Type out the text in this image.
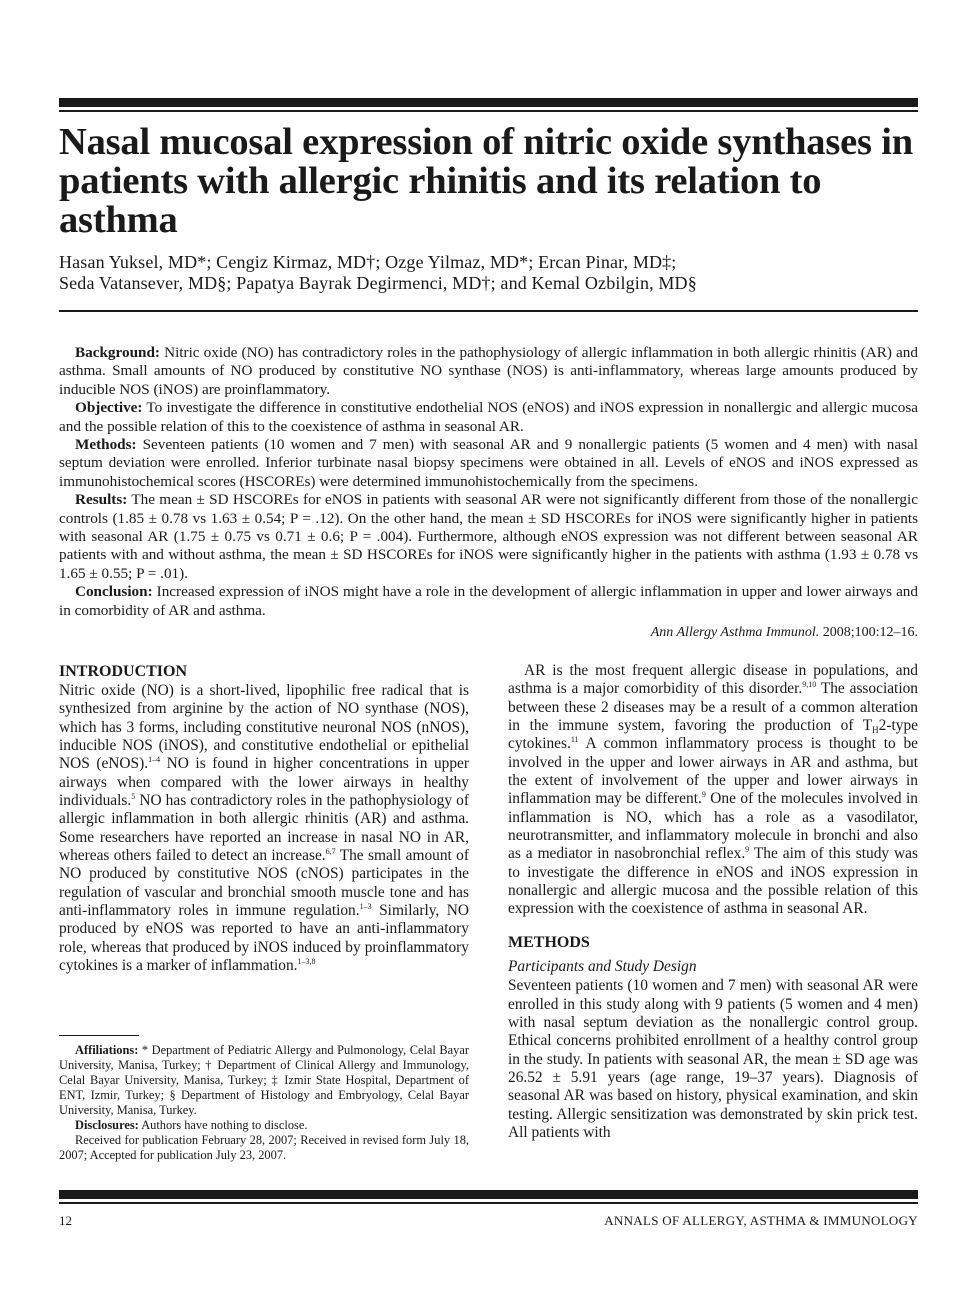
Nasal mucosal expression of nitric oxide synthases in patients with allergic rhinitis and its relation to asthma
Hasan Yuksel, MD*; Cengiz Kirmaz, MD†; Ozge Yilmaz, MD*; Ercan Pinar, MD‡;
Seda Vatansever, MD§; Papatya Bayrak Degirmenci, MD†; and Kemal Ozbilgin, MD§

Background: Nitric oxide (NO) has contradictory roles in the pathophysiology of allergic inflammation in both allergic rhinitis (AR) and asthma. Small amounts of NO produced by constitutive NO synthase (NOS) is anti-inflammatory, whereas large amounts produced by inducible NOS (iNOS) are proinflammatory.

Objective: To investigate the difference in constitutive endothelial NOS (eNOS) and iNOS expression in nonallergic and allergic mucosa and the possible relation of this to the coexistence of asthma in seasonal AR.

Methods: Seventeen patients (10 women and 7 men) with seasonal AR and 9 nonallergic patients (5 women and 4 men) with nasal septum deviation were enrolled. Inferior turbinate nasal biopsy specimens were obtained in all. Levels of eNOS and iNOS expressed as immunohistochemical scores (HSCOREs) were determined immunohistochemically from the specimens.

Results: The mean ± SD HSCOREs for eNOS in patients with seasonal AR were not significantly different from those of the nonallergic controls (1.85 ± 0.78 vs 1.63 ± 0.54; P = .12). On the other hand, the mean ± SD HSCOREs for iNOS were significantly higher in patients with seasonal AR (1.75 ± 0.75 vs 0.71 ± 0.6; P = .004). Furthermore, although eNOS expression was not different between seasonal AR patients with and without asthma, the mean ± SD HSCOREs for iNOS were significantly higher in the patients with asthma (1.93 ± 0.78 vs 1.65 ± 0.55; P = .01).

Conclusion: Increased expression of iNOS might have a role in the development of allergic inflammation in upper and lower airways and in comorbidity of AR and asthma.

Ann Allergy Asthma Immunol. 2008;100:12–16.
INTRODUCTION

Nitric oxide (NO) is a short-lived, lipophilic free radical that is synthesized from arginine by the action of NO synthase (NOS), which has 3 forms, including constitutive neuronal NOS (nNOS), inducible NOS (iNOS), and constitutive endothelial or epithelial NOS (eNOS).$^{1-4}$ NO is found in higher concentrations in upper airways when compared with the lower airways in healthy individuals.$^5$ NO has contradictory roles in the pathophysiology of allergic inflammation in both allergic rhinitis (AR) and asthma. Some researchers have reported an increase in nasal NO in AR, whereas others failed to detect an increase.$^{6,7}$ The small amount of NO produced by constitutive NOS (cNOS) participates in the regulation of vascular and bronchial smooth muscle tone and has anti-inflammatory roles in immune regulation.$^{1-3}$ Similarly, NO produced by eNOS was reported to have an anti-inflammatory role, whereas that produced by iNOS induced by proinflammatory cytokines is a marker of inflammation.$^{1-3,8}$

AR is the most frequent allergic disease in populations, and asthma is a major comorbidity of this disorder.$^{9,10}$ The association between these 2 diseases may be a result of a common alteration in the immune system, favoring the production of $T_H2$-type cytokines.$^{11}$ A common inflammatory process is thought to be involved in the upper and lower airways in AR and asthma, but the extent of involvement of the upper and lower airways in inflammation may be different.$^9$ One of the molecules involved in inflammation is NO, which has a role as a vasodilator, neurotransmitter, and inflammatory molecule in bronchi and also as a mediator in nasobronchial reflex.$^9$ The aim of this study was to investigate the difference in eNOS and iNOS expression in nonallergic and allergic mucosa and the possible relation of this expression with the coexistence of asthma in seasonal AR.

METHODS
Participants and Study Design

Seventeen patients (10 women and 7 men) with seasonal AR were enrolled in this study along with 9 patients (5 women and 4 men) with nasal septum deviation as the nonallergic control group. Ethical concerns prohibited enrollment of a healthy control group in the study. In patients with seasonal AR, the mean ± SD age was 26.52 ± 5.91 years (age range, 19–37 years). Diagnosis of seasonal AR was based on history, physical examination, and skin testing. Allergic sensitization was demonstrated by skin prick test. All patients with

Affiliations: * Department of Pediatric Allergy and Pulmonology, Celal Bayar University, Manisa, Turkey; † Department of Clinical Allergy and Immunology, Celal Bayar University, Manisa, Turkey; ‡ Izmir State Hospital, Department of ENT, Izmir, Turkey; § Department of Histology and Embryology, Celal Bayar University, Manisa, Turkey.

Disclosures: Authors have nothing to disclose.

Received for publication February 28, 2007; Received in revised form July 18, 2007; Accepted for publication July 23, 2007.

12	ANNALS OF ALLERGY, ASTHMA & IMMUNOLOGY
